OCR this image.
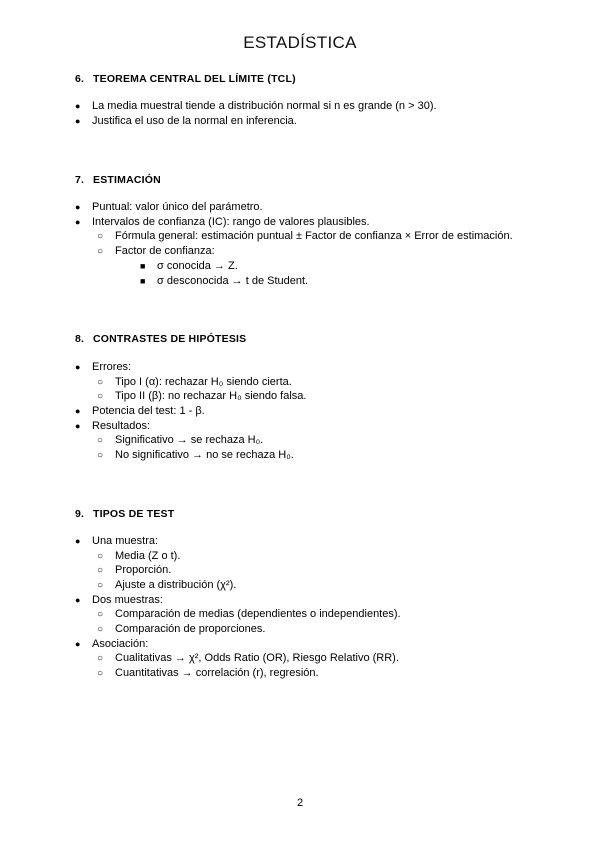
ESTADÍSTICA
6. TEOREMA CENTRAL DEL LÍMITE (TCL)
● La media muestral tiende a distribución normal si n es grande (n > 30).
● Justifica el uso de la normal en inferencia.
7. ESTIMACIÓN
● Puntual: valor único del parámetro.
● Intervalos de confianza (IC): rango de valores plausibles.
○ Fórmula general: estimación puntual ± Factor de confianza × Error de estimación.
○ Factor de confianza:
■ σ conocida → Z.
■ σ desconocida → t de Student.
8. CONTRASTES DE HIPÓTESIS
● Errores:
○ Tipo I (α): rechazar H₀ siendo cierta.
○ Tipo II (β): no rechazar H₀ siendo falsa.
● Potencia del test: 1 - β.
● Resultados:
○ Significativo → se rechaza H₀.
○ No significativo → no se rechaza H₀.
9. TIPOS DE TEST
● Una muestra:
○ Media (Z o t).
○ Proporción.
○ Ajuste a distribución (χ²).
● Dos muestras:
○ Comparación de medias (dependientes o independientes).
○ Comparación de proporciones.
● Asociación:
○ Cualitativas → χ², Odds Ratio (OR), Riesgo Relativo (RR).
○ Cuantitativas → correlación (r), regresión.
2
